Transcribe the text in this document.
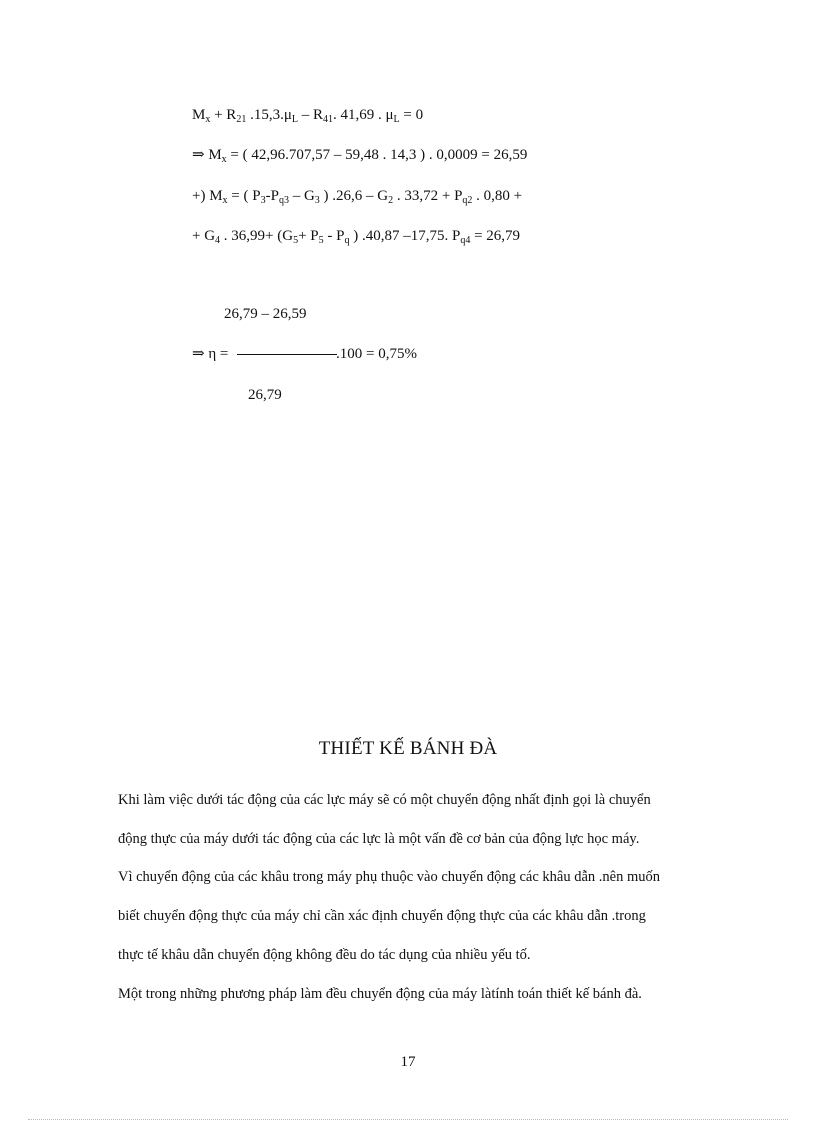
$M_x + R_{21}$ $.15,3.\mu_L - R_{41}$. 41,69 . $\mu_L = 0$
⇒ $M_x$ = ( 42,96.707,57 – 59,48 . 14,3 ) . 0,0009 = 26,59
+) $M_x$ = ( $P_3-P_{q3} - G_3$ ) $.26,6 - G_2$ . $33,72 + P_{q2}$ . 0,80 +
+ $G_4$ . $36,99+ (G_5+ P_5 - P_q$ ) .40,87 –17,75. $P_{q4} = 26,79$
26,79 – 26,59
⇒ η =	.100 = 0,75%
26,79
THIẾT KẾ BÁNH ĐÀ
Khi làm việc dưới tác động của các lực máy sẽ có một chuyển động nhất định gọi là chuyển
động thực của máy dưới tác động của các lực là một vấn đề cơ bản của động lực học máy.
Vì chuyển động của các khâu trong máy phụ thuộc vào chuyển động các khâu dẫn .nên muốn
biết chuyển động thực của máy chỉ cần xác định chuyển động thực của các khâu dẫn .trong
thực tế khâu dẫn chuyển động không đều do tác dụng của nhiều yếu tố.
Một trong những phương pháp làm đều chuyển động của máy làtính toán thiết kế bánh đà.
17
